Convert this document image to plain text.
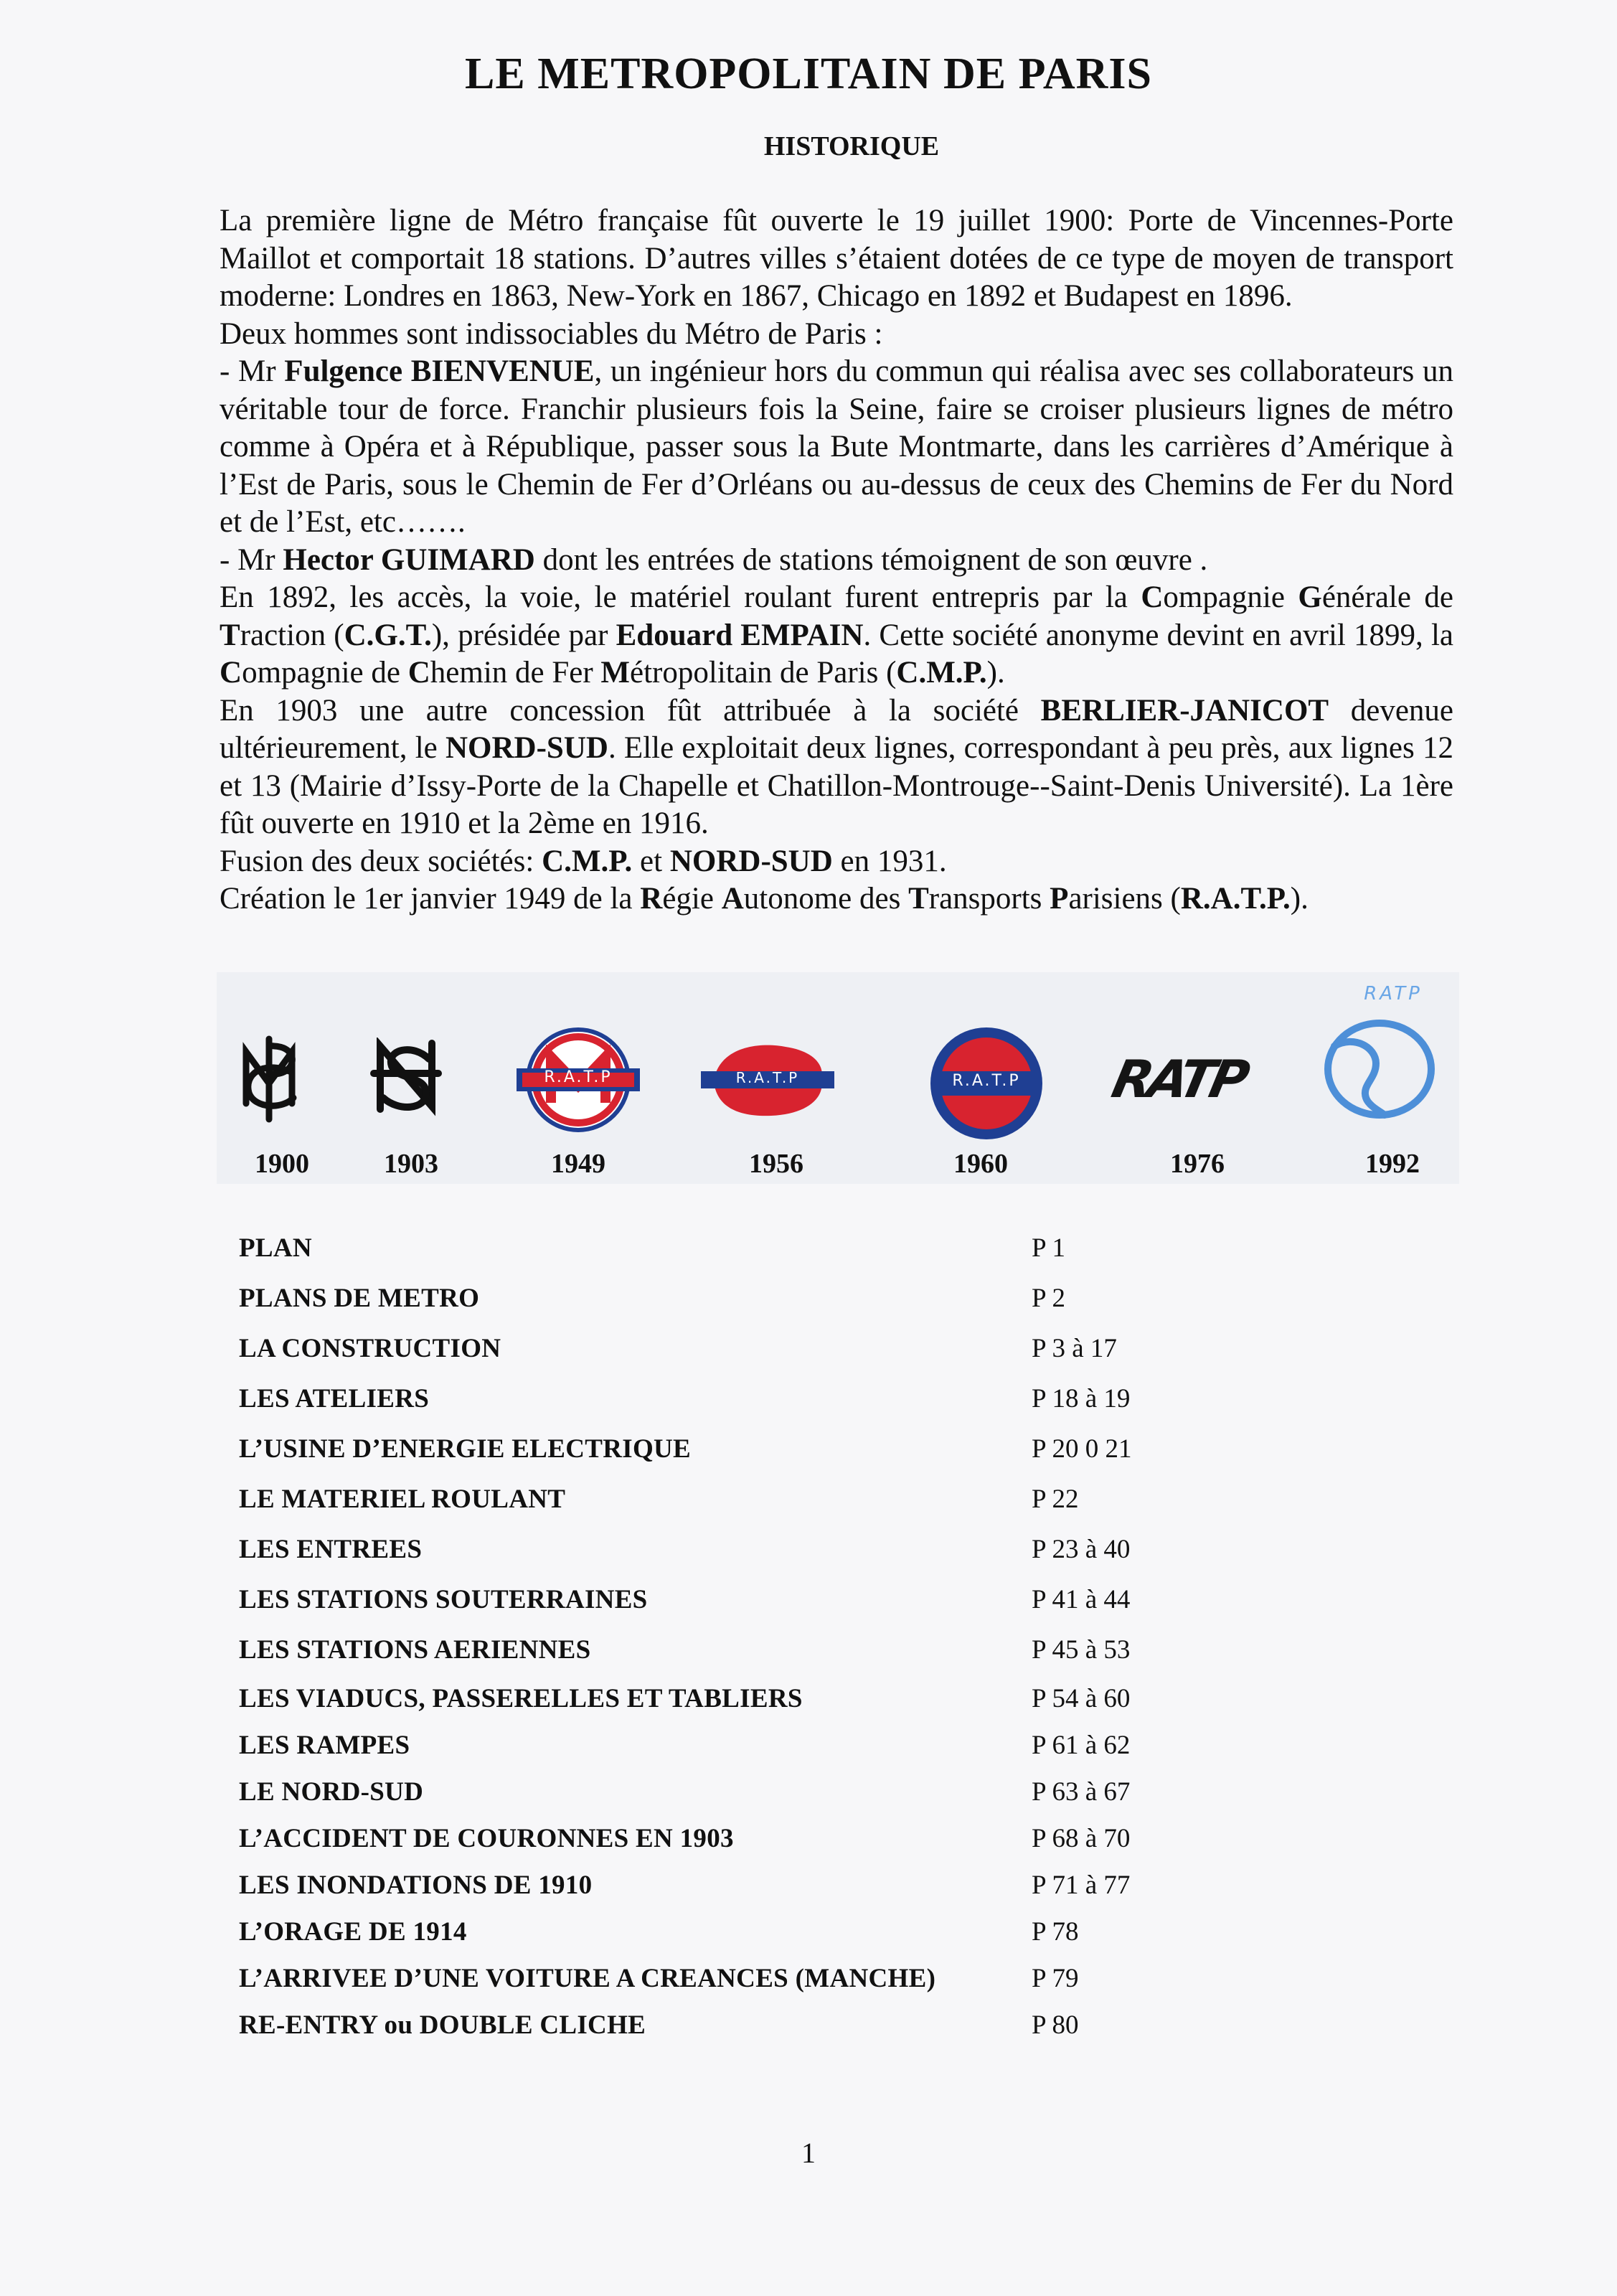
LE METROPOLITAIN DE PARIS
HISTORIQUE

La première ligne de Métro française fût ouverte le 19 juillet 1900: Porte de Vincennes-Porte Maillot et comportait 18 stations. D’autres villes s’étaient dotées de ce type de moyen de transport moderne: Londres en 1863, New-York en 1867, Chicago en 1892 et Budapest en 1896.

Deux hommes sont indissociables du Métro de Paris :

- Mr Fulgence BIENVENUE, un ingénieur hors du commun qui réalisa avec ses collaborateurs un véritable tour de force. Franchir plusieurs fois la Seine, faire se croiser plusieurs lignes de métro comme à Opéra et à République, passer sous la Bute Montmarte, dans les carrières d’Amérique à l’Est de Paris, sous le Chemin de Fer d’Orléans ou au-dessus de ceux des Chemins de Fer du Nord et de l’Est, etc…….

- Mr Hector GUIMARD dont les entrées de stations témoignent de son œuvre .

En 1892, les accès, la voie, le matériel roulant furent entrepris par la Compagnie Générale de Traction (C.G.T.), présidée par Edouard EMPAIN. Cette société anonyme devint en avril 1899, la Compagnie de Chemin de Fer Métropolitain de Paris (C.M.P.).

En 1903 une autre concession fût attribuée à la société BERLIER-JANICOT devenue ultérieurement, le NORD-SUD. Elle exploitait deux lignes, correspondant à peu près, aux lignes 12 et 13 (Mairie d’Issy-Porte de la Chapelle et Chatillon-Montrouge--Saint-Denis Université). La 1ère fût ouverte en 1910 et la 2ème en 1916.

Fusion des deux sociétés: C.M.P. et NORD-SUD en 1931.

Création le 1er janvier 1949 de la Régie Autonome des Transports Parisiens (R.A.T.P.).

R.A.T.P	R.A.T.P	R.A.T.P	RATP
RATP
1900	1903	1949	1956	1960	1976	1992
PLAN	P 1
PLANS DE METRO	P 2
LA CONSTRUCTION	P 3 à 17
LES ATELIERS	P 18 à 19
L’USINE D’ENERGIE ELECTRIQUE	P 20 0 21
LE MATERIEL ROULANT	P 22
LES ENTREES	P 23 à 40
LES STATIONS SOUTERRAINES	P 41 à 44
LES STATIONS AERIENNES	P 45 à 53
LES VIADUCS, PASSERELLES ET TABLIERS	P 54 à 60
LES RAMPES	P 61 à 62
LE NORD-SUD	P 63 à 67
L’ACCIDENT DE COURONNES EN 1903	P 68 à 70
LES INONDATIONS DE 1910	P 71 à 77
L’ORAGE DE 1914	P 78
L’ARRIVEE D’UNE VOITURE A CREANCES (MANCHE)	P 79
RE-ENTRY ou DOUBLE CLICHE	P 80
1
